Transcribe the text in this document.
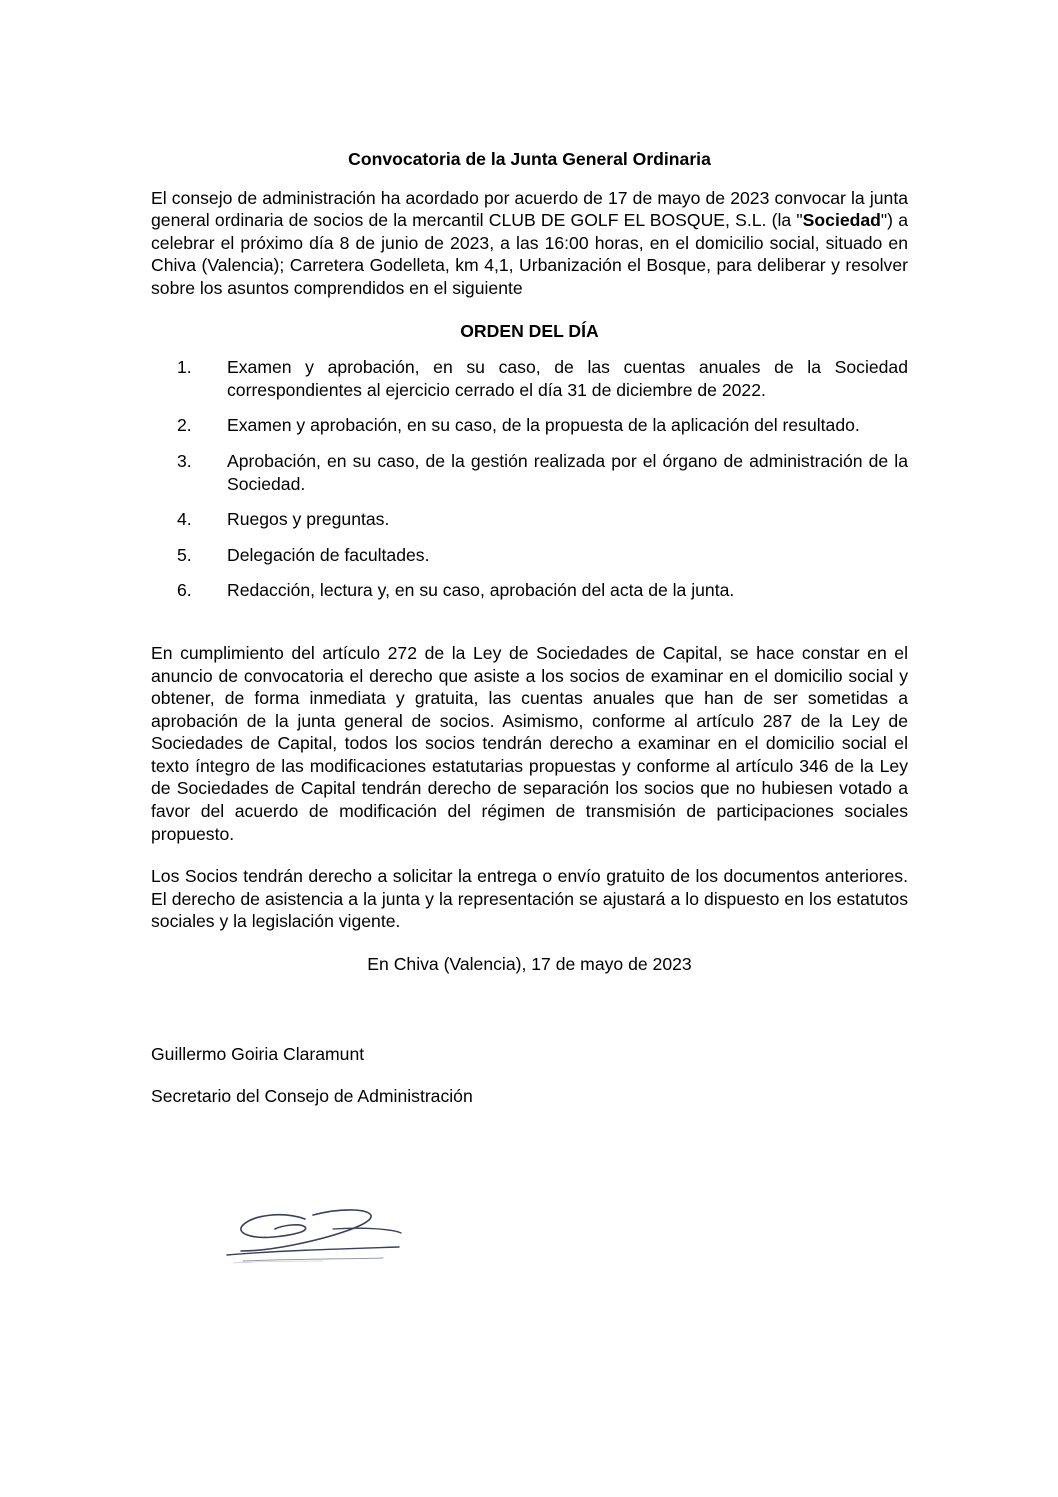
Convocatoria de la Junta General Ordinaria

El consejo de administración ha acordado por acuerdo de 17 de mayo de 2023 convocar la junta general ordinaria de socios de la mercantil CLUB DE GOLF EL BOSQUE, S.L. (la "Sociedad") a celebrar el próximo día 8 de junio de 2023, a las 16:00 horas, en el domicilio social, situado en Chiva (Valencia); Carretera Godelleta, km 4,1, Urbanización el Bosque, para deliberar y resolver sobre los asuntos comprendidos en el siguiente

ORDEN DEL DÍA
1.	Examen y aprobación, en su caso, de las cuentas anuales de la Sociedad correspondientes al ejercicio cerrado el día 31 de diciembre de 2022.
2.	Examen y aprobación, en su caso, de la propuesta de la aplicación del resultado.
3.	Aprobación, en su caso, de la gestión realizada por el órgano de administración de la Sociedad.
4.	Ruegos y preguntas.
5.	Delegación de facultades.
6.	Redacción, lectura y, en su caso, aprobación del acta de la junta.

En cumplimiento del artículo 272 de la Ley de Sociedades de Capital, se hace constar en el anuncio de convocatoria el derecho que asiste a los socios de examinar en el domicilio social y obtener, de forma inmediata y gratuita, las cuentas anuales que han de ser sometidas a aprobación de la junta general de socios. Asimismo, conforme al artículo 287 de la Ley de Sociedades de Capital, todos los socios tendrán derecho a examinar en el domicilio social el texto íntegro de las modificaciones estatutarias propuestas y conforme al artículo 346 de la Ley de Sociedades de Capital tendrán derecho de separación los socios que no hubiesen votado a favor del acuerdo de modificación del régimen de transmisión de participaciones sociales propuesto.

Los Socios tendrán derecho a solicitar la entrega o envío gratuito de los documentos anteriores. El derecho de asistencia a la junta y la representación se ajustará a lo dispuesto en los estatutos sociales y la legislación vigente.

En Chiva (Valencia), 17 de mayo de 2023
Guillermo Goiria Claramunt
Secretario del Consejo de Administración
